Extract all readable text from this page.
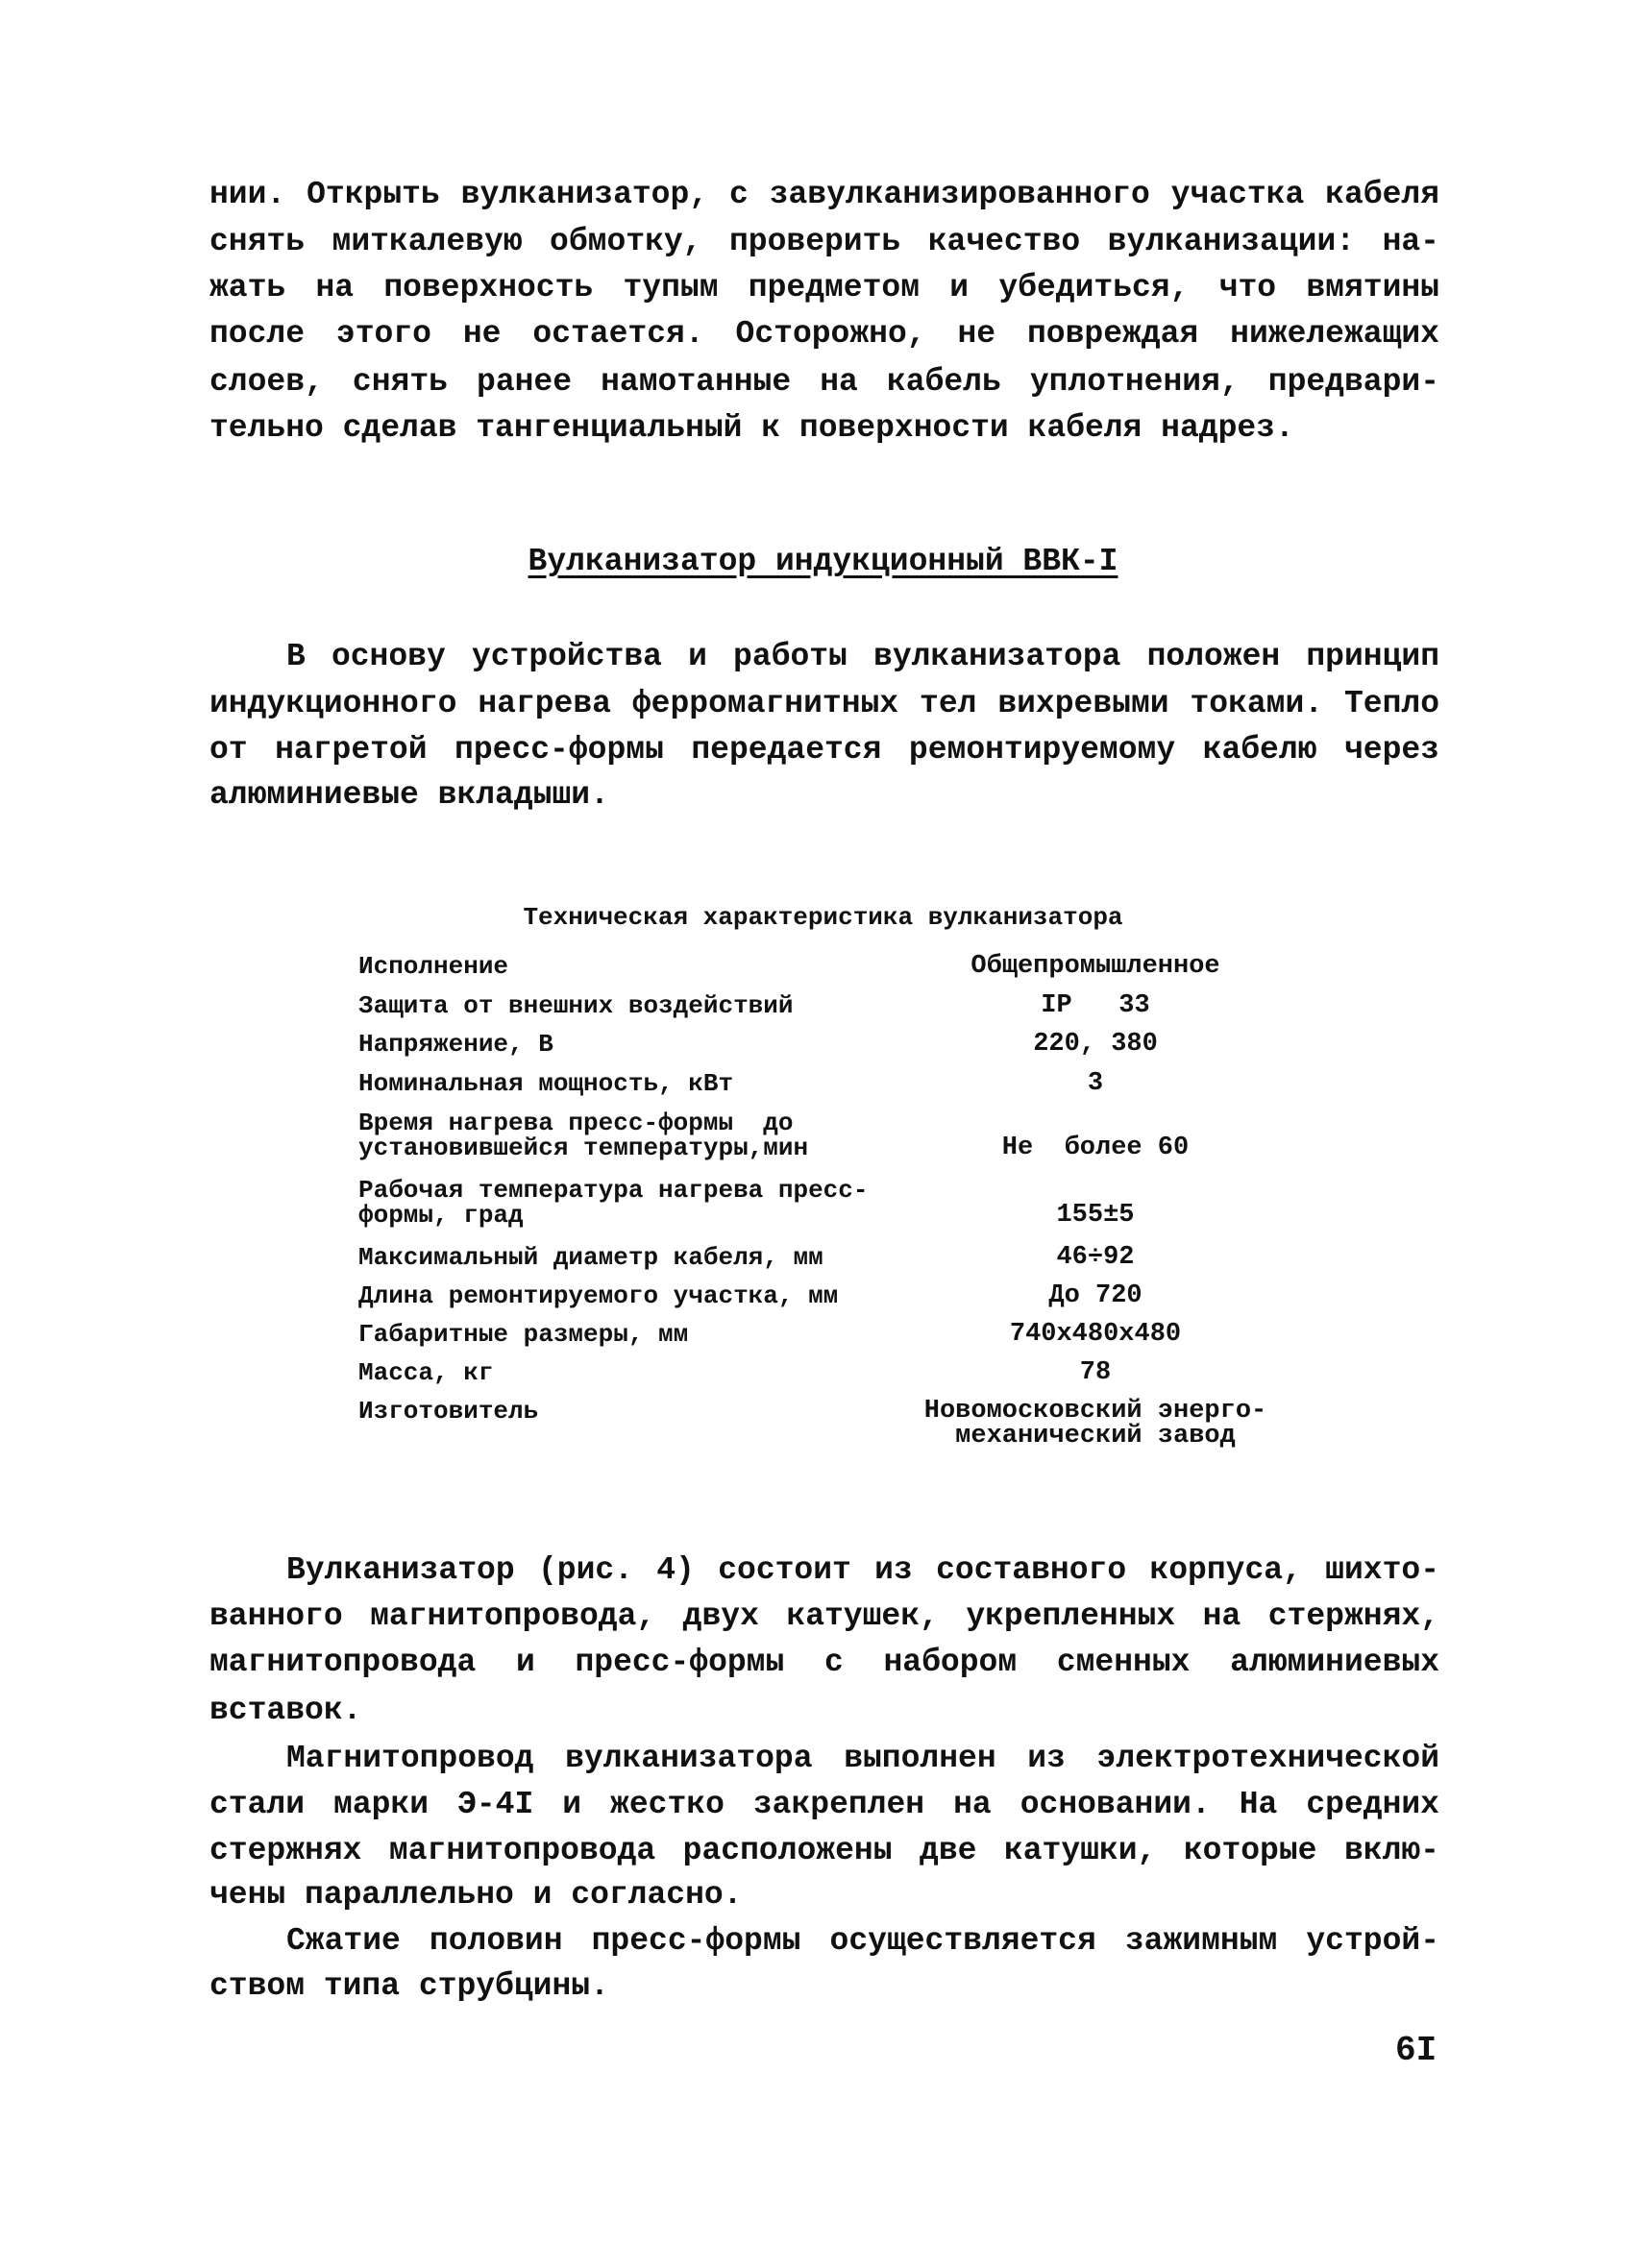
Вулканизатор индукционный ВВК-I
Техническая характеристика вулканизатора
6I
нии. Открыть вулканизатор, с завулканизированного участка кабеля
снять миткалевую обмотку, проверить качество вулканизации: на-
жать на поверхность тупым предметом и убедиться, что вмятины
после этого не остается. Осторожно, не повреждая нижележащих
слоев, снять ранее намотанные на кабель уплотнения, предвари-
тельно сделав тангенциальный к поверхности кабеля надрез.
В основу устройства и работы вулканизатора положен принцип
индукционного нагрева ферромагнитных тел вихревыми токами. Тепло
от нагретой пресс-формы передается ремонтируемому кабелю через
алюминиевые вкладыши.
Вулканизатор (рис. 4) состоит из составного корпуса, шихто-
ванного магнитопровода, двух катушек, укрепленных на стержнях,
магнитопровода и пресс-формы с набором сменных алюминиевых
вставок.
Магнитопровод вулканизатора выполнен из электротехнической
стали марки Э-4I и жестко закреплен на основании. На средних
стержнях магнитопровода расположены две катушки, которые вклю-
чены параллельно и согласно.
Сжатие половин пресс-формы осуществляется зажимным устрой-
ством типа струбцины.
Исполнение	Общепромышленное
Защита от внешних воздействий	IP   33
Напряжение, В	220, 380
Номинальная мощность, кВт	3
Время нагрева пресс-формы  до
установившейся температуры,мин	Не  более 60
Рабочая температура нагрева пресс-
формы, град	155±5
Максимальный диаметр кабеля, мм	46÷92
Длина ремонтируемого участка, мм	До 720
Габаритные размеры, мм	740х480х480
Масса, кг	78
Изготовитель	Новомосковский энерго-
механический завод
